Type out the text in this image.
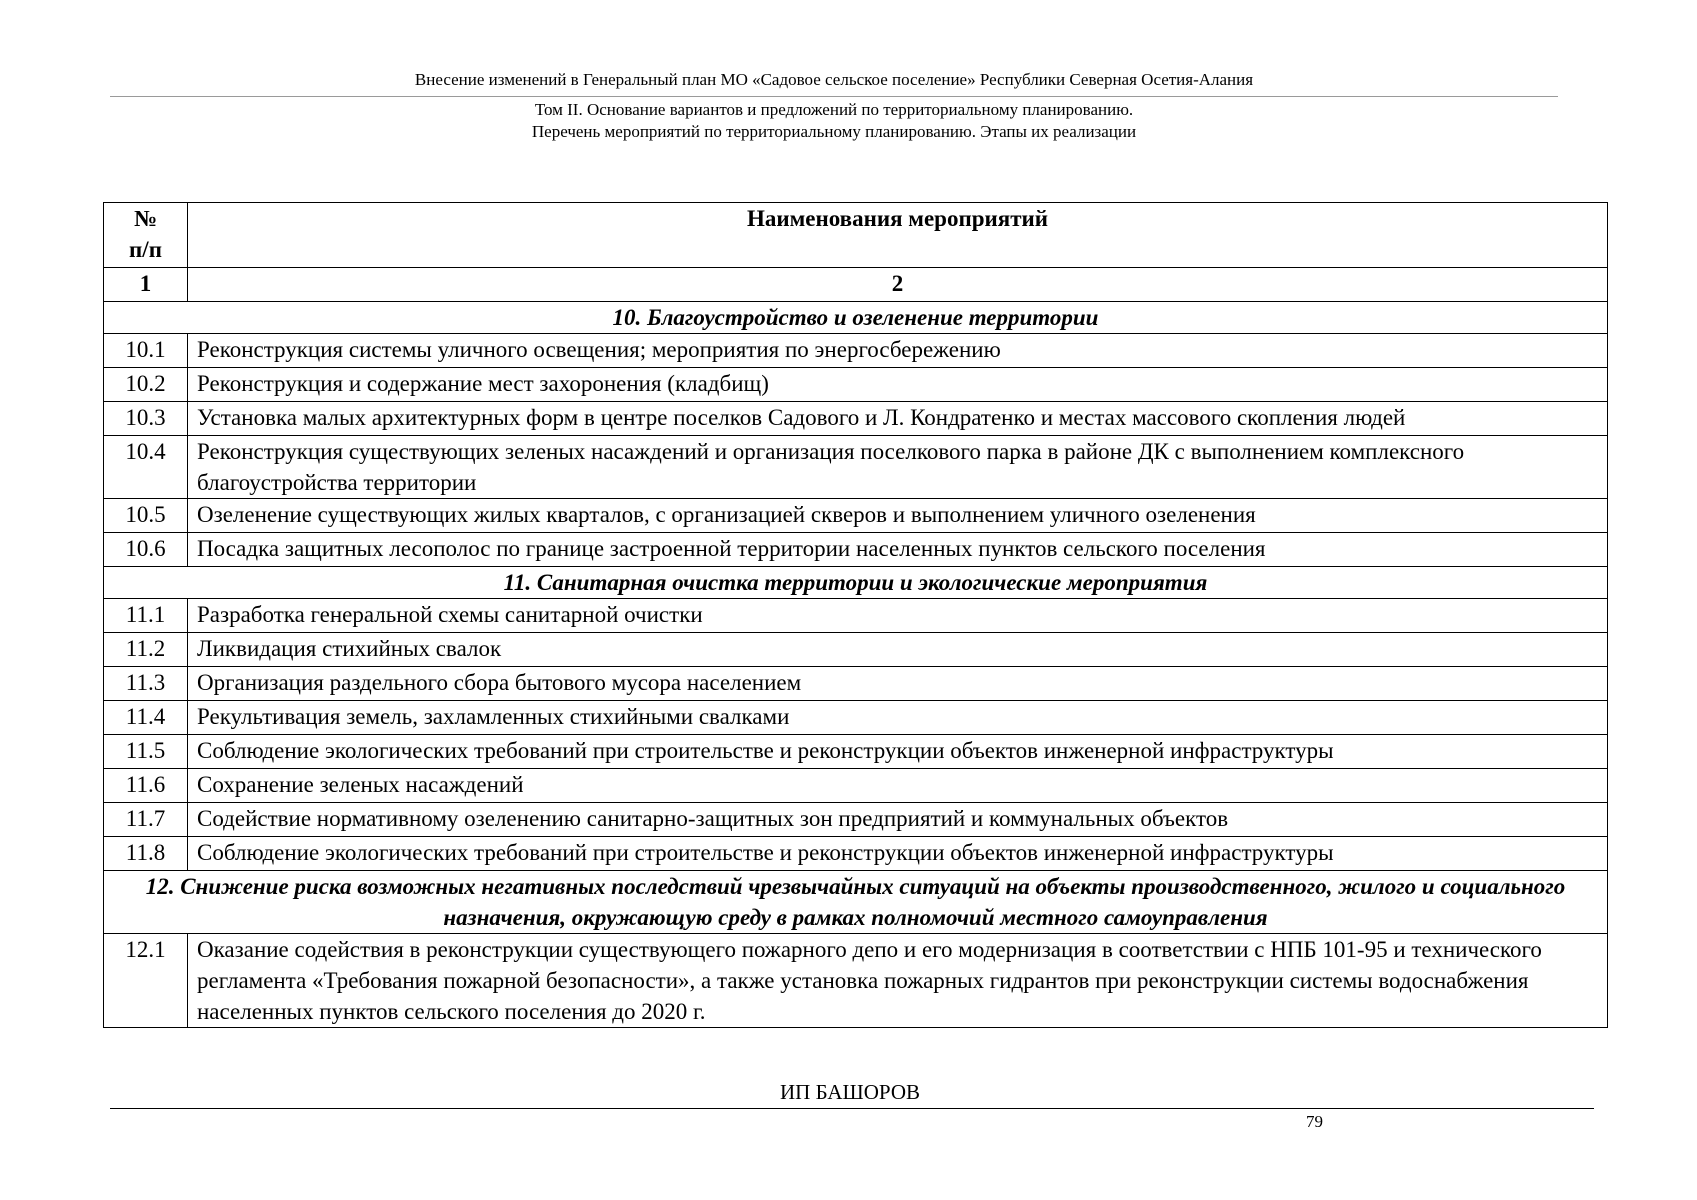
Внесение изменений в Генеральный план МО «Садовое сельское поселение» Республики Северная Осетия-Алания
Том II. Основание вариантов и предложений по территориальному планированию.
Перечень мероприятий по территориальному планированию. Этапы их реализации
№
п/п	Наименования мероприятий
1	2
10. Благоустройство и озеленение территории	
10.1	Реконструкция системы уличного освещения; мероприятия по энергосбережению
10.2	Реконструкция и содержание мест захоронения (кладбищ)
10.3	Установка малых архитектурных форм в центре поселков Садового и Л. Кондратенко и местах массового скопления людей
10.4	Реконструкция существующих зеленых насаждений и организация поселкового парка в районе ДК с выполнением комплексного благоустройства территории
10.5	Озеленение существующих жилых кварталов, с организацией скверов и выполнением уличного озеленения
10.6	Посадка защитных лесополос по границе застроенной территории населенных пунктов сельского поселения
11. Санитарная очистка территории и экологические мероприятия	
11.1	Разработка генеральной схемы санитарной очистки
11.2	Ликвидация стихийных свалок
11.3	Организация раздельного сбора бытового мусора населением
11.4	Рекультивация земель, захламленных стихийными свалками
11.5	Соблюдение экологических требований при строительстве и реконструкции объектов инженерной инфраструктуры
11.6	Сохранение зеленых насаждений
11.7	Содействие нормативному озеленению санитарно-защитных зон предприятий и коммунальных объектов
11.8	Соблюдение экологических требований при строительстве и реконструкции объектов инженерной инфраструктуры
12. Снижение риска возможных негативных последствий чрезвычайных ситуаций на объекты производственного, жилого и социального назначения, окружающую среду в рамках полномочий местного самоуправления	
12.1	Оказание содействия в реконструкции существующего пожарного депо и его модернизация в соответствии с НПБ 101-95 и технического регламента «Требования пожарной безопасности», а также установка пожарных гидрантов при реконструкции системы водоснабжения населенных пунктов сельского поселения до 2020 г.
ИП БАШОРОВ
79
